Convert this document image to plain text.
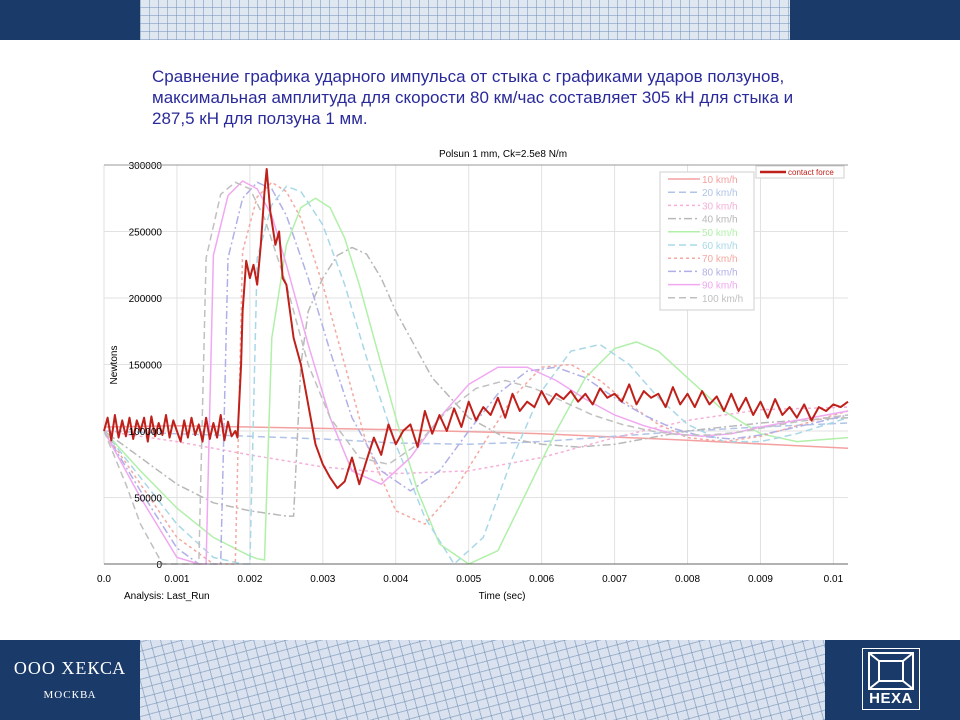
Сравнение графика ударного импульса от стыка с графиками ударов ползунов,
максимальная амплитуда для скорости 80 км/час составляет 305 кН для стыка и
287,5 кН для ползуна 1 мм.
0.0	0.001	0.002	0.003	0.004	0.005	0.006	0.007	0.008	0.009	0.01
0
50000
100000
150000
200000
250000
300000
Polsun 1 mm, Ck=2.5e8 N/m
Newtons
Time (sec)
Analysis: Last_Run
10 km/h
20 km/h
30 km/h
40 km/h
50 km/h
60 km/h
70 km/h
80 km/h
90 km/h
100 km/h
contact force
ООО ХЕКСА
МОСКВА	HEXA
